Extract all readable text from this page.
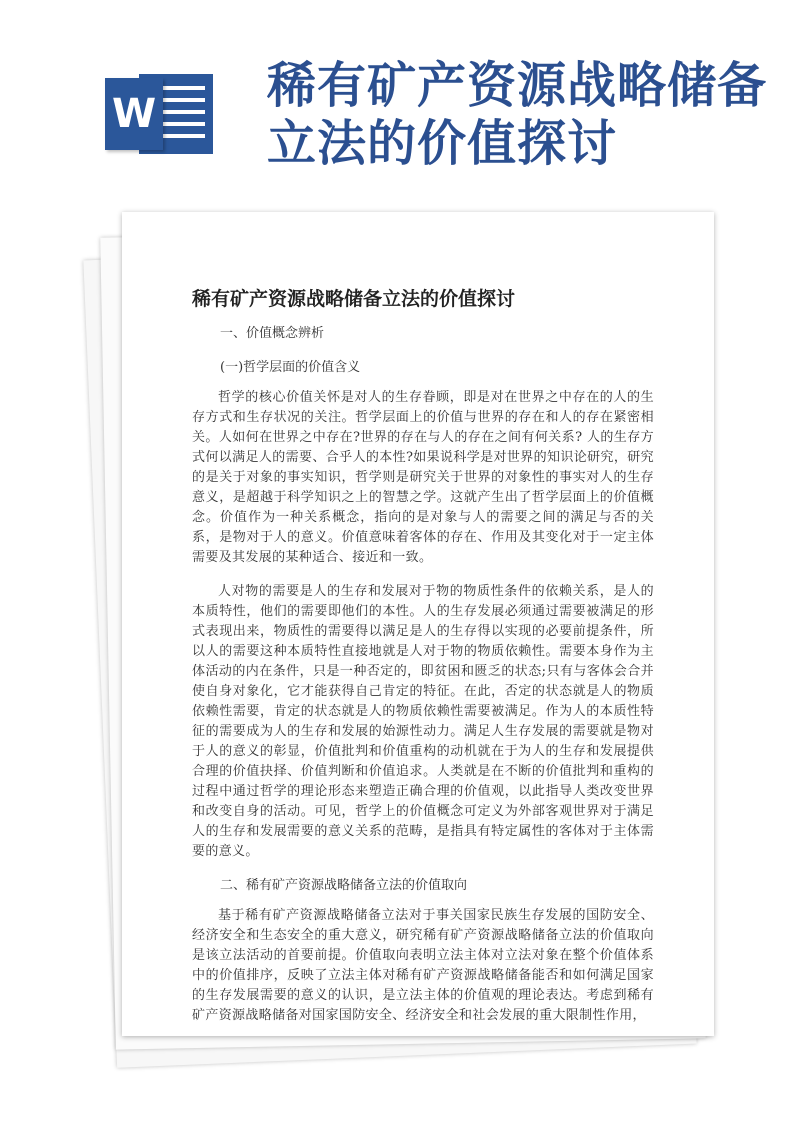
W 稀有矿产资源战略储备立法的价值探讨
稀有矿产资源战略储备立法的价值探讨

一、价值概念辨析

(一)哲学层面的价值含义

哲学的核心价值关怀是对人的生存眷顾，即是对在世界之中存在的人的生存方式和生存状况的关注。哲学层面上的价值与世界的存在和人的存在紧密相关。人如何在世界之中存在?世界的存在与人的存在之间有何关系? 人的生存方式何以满足人的需要、合乎人的本性?如果说科学是对世界的知识论研究，研究的是关于对象的事实知识，哲学则是研究关于世界的对象性的事实对人的生存意义，是超越于科学知识之上的智慧之学。这就产生出了哲学层面上的价值概念。价值作为一种关系概念，指向的是对象与人的需要之间的满足与否的关系，是物对于人的意义。价值意味着客体的存在、作用及其变化对于一定主体需要及其发展的某种适合、接近和一致。

人对物的需要是人的生存和发展对于物的物质性条件的依赖关系，是人的本质特性，他们的需要即他们的本性。人的生存发展必须通过需要被满足的形式表现出来，物质性的需要得以满足是人的生存得以实现的必要前提条件，所以人的需要这种本质特性直接地就是人对于物的物质依赖性。需要本身作为主体活动的内在条件，只是一种否定的，即贫困和匮乏的状态;只有与客体会合并使自身对象化，它才能获得自己肯定的特征。在此，否定的状态就是人的物质依赖性需要，肯定的状态就是人的物质依赖性需要被满足。作为人的本质性特征的需要成为人的生存和发展的始源性动力。满足人生存发展的需要就是物对于人的意义的彰显，价值批判和价值重构的动机就在于为人的生存和发展提供合理的价值抉择、价值判断和价值追求。人类就是在不断的价值批判和重构的过程中通过哲学的理论形态来塑造正确合理的价值观，以此指导人类改变世界和改变自身的活动。可见，哲学上的价值概念可定义为外部客观世界对于满足人的生存和发展需要的意义关系的范畴，是指具有特定属性的客体对于主体需要的意义。

二、稀有矿产资源战略储备立法的价值取向

基于稀有矿产资源战略储备立法对于事关国家民族生存发展的国防安全、经济安全和生态安全的重大意义，研究稀有矿产资源战略储备立法的价值取向是该立法活动的首要前提。价值取向表明立法主体对立法对象在整个价值体系中的价值排序，反映了立法主体对稀有矿产资源战略储备能否和如何满足国家的生存发展需要的意义的认识，是立法主体的价值观的理论表达。考虑到稀有矿产资源战略储备对国家国防安全、经济安全和社会发展的重大限制性作用，
